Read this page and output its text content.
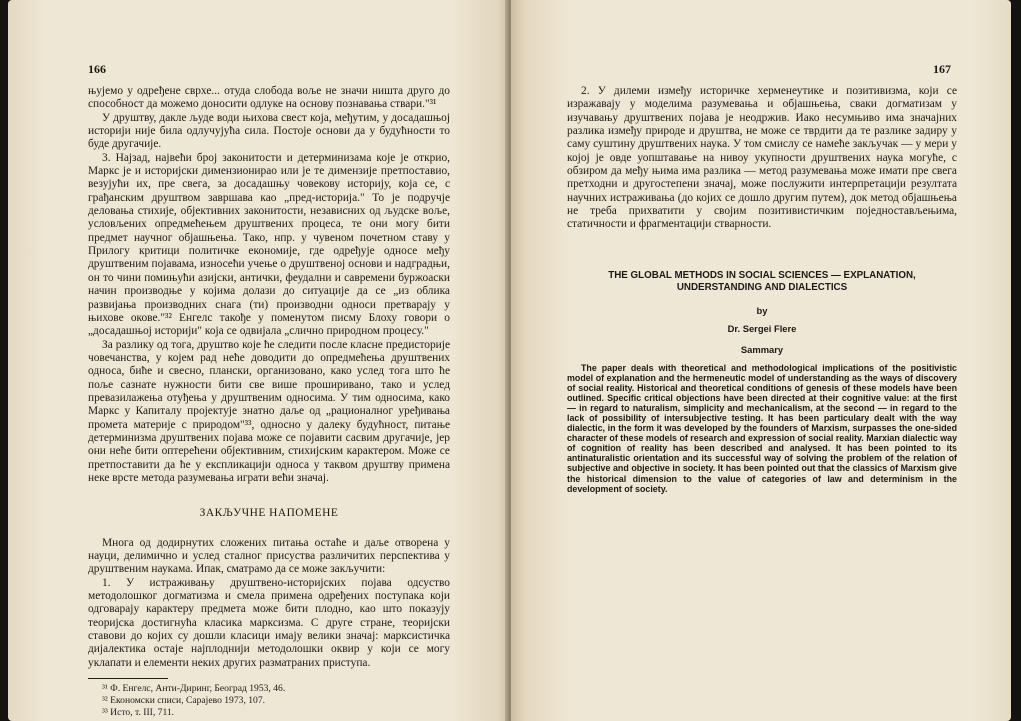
166

њујемо у одређене сврхе... отуда слобода воље не значи ништа друго до способност да можемо доносити одлуке на основу познавања ствари."³¹

У друштву, дакле људе води њихова свест која, међутим, у досадашњој историји није била одлучујућа сила. Постоје основи да у будућности то буде другачије.

3. Најзад, највећи број законитости и детерминизама које је открио, Маркс је и историјски димензионирао или је те димензије претпоставио, везујући их, пре свега, за досадашњу човекову историју, која се, с грађанским друштвом завршава као „пред-историја." То је подручје деловања стихије, објективних законитости, независних од људске воље, условљених опредмећењем друштвених процеса, те они могу бити предмет научног објашњења. Тако, нпр. у чувеном почетном ставу у Прилогу критици политичке економије, где одређује односе међу друштвеним појавама, износећи учење о друштвеној основи и надградњи, он то чини помињући азијски, антички, феудални и савремени буржоаски начин производње у којима долази до ситуације да се „из облика развијања производних снага (ти) производни односи претварају у њихове окове."³² Енгелс такође у поменутом писму Блоху говори о „досадашњој историји" која се одвијала „слично природном процесу."

За разлику од тога, друштво које ће следити после класне предисторије човечанства, у којем рад неће доводити до опредмећења друштвених односа, биће и свесно, плански, организовано, како услед тога што ће поље сазнате нужности бити све више проширивано, тако и услед превазилажења отуђења у друштвеним односима. У тим односима, како Маркс у Капиталу пројектује знатно даље од „рационалног уређивања промета материје с природом"³³, односно у далеку будућност, питање детерминизма друштвених појава може се појавити сасвим другачије, јер они неће бити оптерећени објективним, стихијским карактером. Може се претпоставити да ће у експликацији односа у таквом друштву примена неке врсте метода разумевања играти већи значај.

ЗАКЉУЧНЕ НАПОМЕНЕ

Многа од додирнутих сложених питања остаће и даље отворена у науци, делимично и услед сталног присуства различитих перспектива у друштвеним наукама. Ипак, сматрамо да се може закључити:

1. У истраживању друштвено-историјских појава одсуство методолошког догматизма и смела примена одређених поступака који одговарају карактеру предмета може бити плодно, као што показују теоријска достигнућа класика марксизма. С друге стране, теоријски ставови до којих су дошли класици имају велики значај: марксистичка дијалектика остаје најплоднији методолошки оквир у који се могу уклапати и елементи неких других разматраних приступа.

³¹ Ф. Енгелс, Анти-Диринг, Београд 1953, 46.

³² Економски списи, Сарајево 1973, 107.

³³ Исто, т. III, 711.

167

2. У дилеми између историчке херменеутике и позитивизма, који се изражавају у моделима разумевања и објашњења, сваки догматизам у изучавању друштвених појава је неодржив. Иако несумњиво има значајних разлика између природе и друштва, не може се тврдити да те разлике задиру у саму суштину друштвених наука. У том смислу се намеће закључак — у мери у којој је овде уопштавање на нивоу укупности друштвених наука могуће, с обзиром да међу њима има разлика — метод разумевања може имати пре свега претходни и другостепени значај, може послужити интерпретацији резултата научних истраживања (до којих се дошло другим путем), док метод објашњења не треба прихватити у своjим позитивистичким поједностављењима, статичности и фрагментацији стварности.

THE GLOBAL METHODS IN SOCIAL SCIENCES — EXPLANATION, UNDERSTANDING AND DIALECTICS
by
Dr. Sergei Flere
Sammary

The paper deals with theoretical and methodological implications of the positivistic model of explanation and the hermeneutic model of understanding as the ways of discovery of social reality. Historical and theoretical conditions of genesis of these models have been outlined. Specific critical objections have been directed at their cognitive value: at the first — in regard to naturalism, simplicity and mechanicalism, at the second — in regard to the lack of possibility of intersubjective testing. It has been particulary dealt with the way dialectic, in the form it was developed by the founders of Marxism, surpasses the one-sided character of these models of research and expression of social reality. Marxian dialectic way of cognition of reality has been described and analysed. It has been pointed to its antinaturalistic orientation and its successful way of solving the problem of the relation of subjective and objective in society. It has been pointed out that the classics of Marxism give the historical dimension to the value of categories of law and determinism in the development of society.
